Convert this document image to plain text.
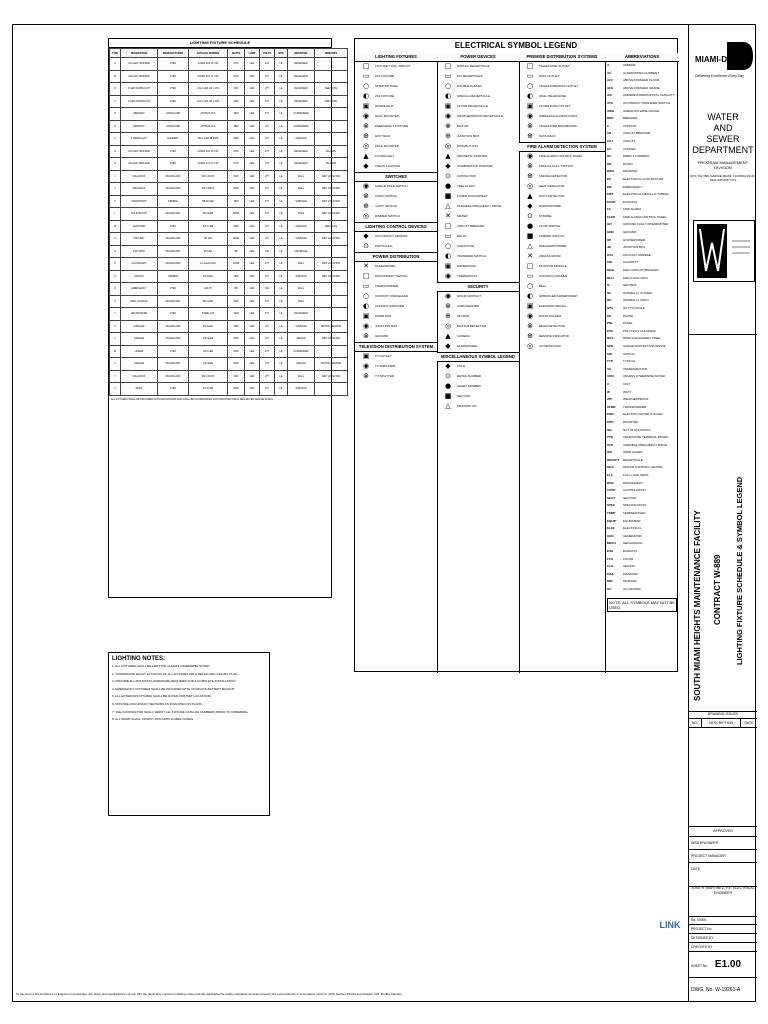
LIGHTING FIXTURE SCHEDULE
TYPE	DESCRIPTION	MANUFACTURER	CATALOG NUMBER	WATTS	LAMP	VOLTS	MTG	MOUNTING	REMARKS
A	2X4 LED TROFFER	ZTEK	XZ2ML 2X4 LT-V15	37W	LED	120	LE	RECESSED	
A1	2X4 LED TROFFER	ZTEK	XZ2ML 2X4 LT-V15	37W	LED	277	LE	RECESSED	
B	4' LED DOWNLIGHT	ZTEK	LX2-1 403 LM 1 V15	30W	LED	277	LE	RECESSED	SEE NOTE
C	4' LED DOWNLIGHT	ZTEK	LX2-1 403 LM 1 V15	30W	LED	277	LE	RECESSED	SEE NOTE
D	PENDANT	LITEFIGURE	APHX2S 4CA	38W	LED	277	LE	SUSPENDED	
E	PENDANT	LITEFIGURE	APHX2S 4CA	38W	LED	277	LE	SUSPENDED	
F	4' WRAPLIGHT	ELEMENT	WX 1 LED 48 4000	40W	LED	277	LE	SURFACE	
G	2X4 LED TROFFER	ZTEK	XZ2ML 2X4 LT-V15	37W	LED	277	LE	RECESSED	ISLANDS
H	2X4 LED TROFFER	ZTEK	XZ2ML 2X4 LT-V15	37W	LED	277	LE	RECESSED	ISLANDS
I	WALLPACK	MCFARLAND	WP 4 PACK	54W	LED	277	LE	WALL	WET LOCATION
J	WALLPACK	MCFARLAND	WP 4 PACK	54W	LED	277	LE	WALL	WET LOCATION
K	VAPORTIGHT	KEMBLE	KB 48 LED	48W	LED	277	LE	SURFACE	WET LOCATION
L	POLE MOUNT	MCFARLAND	PM 4LED	180W	LED	277	LE	POLE	WET LOCATION
M	LED STRIP	ZTEK	ST 4 LED	40W	LED	277	LE	SURFACE	SEE NOTE
N	HIGH BAY	MCFARLAND	HB 24K	160W	LED	277	LE	SURFACE	WET LOCATION
O	EXIT SIGN	MCFARLAND	EX LED	3W	LED	120	LE	UNIVERSAL	
P	FLOODLIGHT	MCFARLAND	FL 4LED 2000	120W	LED	277	LE	WALL	WET LOCATION
Q	CANOPY	KEMBLE	CP 4LED	45W	LED	277	LE	SURFACE	WET LOCATION
R	EMERGENCY	ZTEK	EM 2H	3W	LED	120	LE	WALL	
S	WALL SCONCE	MCFARLAND	WS 2LED	22W	LED	277	LE	WALL	
T	LED TROFFER	ZTEK	XZ2ML 2X2	30W	LED	277	LE	RECESSED	
U	SURFACE	MCFARLAND	SF 4LED	45W	LED	277	LE	SURFACE	MOTION SENSOR
V	GARAGE	MCFARLAND	GR 4LED	60W	LED	277	LE	CEILING	WET LOCATION
W	LINEAR	ZTEK	LN 8 LED	80W	LED	277	LE	SUSPENDED	
X	GARAGE	MCFARLAND	GR 4LED	60W	LED	277	LE	CEILING	MOTION SENSOR
Y	WALLPACK	MCFARLAND	WP 2 PACK	30W	LED	277	LE	WALL	WET LOCATION
Z	STRIP	ZTEK	ST 8 LED	60W	LED	277	LE	SURFACE	
ALL FIXTURES SHALL BE PROVIDED WITH LED DRIVERS AND SHALL BE COORDINATED WITH ARCHITECTURAL REFLECTED CEILING PLANS.
LIGHTING NOTES:

1. ALL FIXTURES SHALL BE LED TYPE UNLESS OTHERWISE NOTED.

2. COORDINATE EXACT LOCATION OF ALL FIXTURES WITH REFLECTED CEILING PLAN.

3. PROVIDE ALL MOUNTING HARDWARE REQUIRED FOR A COMPLETE INSTALLATION.

4. EMERGENCY FIXTURES SHALL BE PROVIDED WITH 90 MINUTE BATTERY BACKUP.

5. ALL EXTERIOR FIXTURES SHALL BE RATED FOR WET LOCATIONS.

6. PROVIDE OCCUPANCY SENSORS AS INDICATED ON PLANS.

7. THE CONTRACTOR SHALL VERIFY ALL FIXTURE CATALOG NUMBERS PRIOR TO ORDERING.

8. ALL WORK SHALL COMPLY WITH APPLICABLE CODES.

ELECTRICAL SYMBOL LEGEND
LIGHTING FIXTURES
□	FIXTURE TYPE, CIRCUIT
▭	2X4 FIXTURE
○	STRIP FIXTURE
◐	2X2 FIXTURE
▣	DOWNLIGHT
◉	WALL MOUNTED
⊗	EMERGENCY FIXTURE
⊕	EXIT SIGN
◎	POLE MOUNTED
▲	FLOODLIGHT
◆	TRACK LIGHTING
SWITCHES
◉	SINGLE POLE SWITCH
⊗	3-WAY SWITCH
⊕	4-WAY SWITCH
◎	DIMMER SWITCH
LIGHTING CONTROL DEVICES
◆	OCCUPANCY SENSOR
⊙	PHOTOCELL
POWER DISTRIBUTION
✕	PANELBOARD
□	DISCONNECT SWITCH
▭	TRANSFORMER
○	CONDUIT CONCEALED
◐	CONDUIT EXPOSED
▣	HOME RUN
◉	JUNCTION BOX
⊗	GROUND
TELEVISION DISTRIBUTION SYSTEM
▣	TV OUTLET
◉	TV AMPLIFIER
⊗	TV SPLITTER
POWER DEVICES
□	DUPLEX RECEPTACLE
▭	GFI RECEPTACLE
○	DOUBLE DUPLEX
◐	SPECIAL RECEPTACLE
▣	FLOOR RECEPTACLE
◉	WEATHERPROOF RECEPTACLE
⊗	MOTOR
⊕	JUNCTION BOX
◎	PUSHBUTTON
▲	MAGNETIC STARTER
◆	COMBINATION STARTER
⊙	CONTACTOR
●	TIME CLOCK
■	FUSED DISCONNECT
△	VARIABLE FREQUENCY DRIVE
✕	METER
□	CIRCUIT BREAKER
▭	RELAY
○	CAPACITOR
◐	TRANSFER SWITCH
▣	GENERATOR
◉	THERMOSTAT
SECURITY
◉	DOOR CONTACT
⊗	CARD READER
⊕	KEYPAD
◎	MOTION DETECTOR
▲	CAMERA
◆	ALARM PANEL
MISCELLANEOUS SYMBOL LEGEND
◆	TITLE
⊙	DETAIL NUMBER
●	SHEET NUMBER
■	SECTION
△	DRAWING NO.
PREMISE DISTRIBUTION SYSTEMS
□	TELEPHONE OUTLET
▭	DATA OUTLET
○	TELEPHONE/DATA OUTLET
◐	WALL TELEPHONE
▣	FLOOR DATA OUTLET
◉	WIRELESS ACCESS POINT
⊗	TELEPHONE BACKBOARD
⊕	DATA RACK
FIRE ALARM DETECTION SYSTEM
◉	FIRE ALARM CONTROL PANEL
⊗	MANUAL PULL STATION
⊕	SMOKE DETECTOR
◎	HEAT DETECTOR
▲	DUCT DETECTOR
◆	HORN/STROBE
⊙	STROBE
●	FLOW SWITCH
■	TAMPER SWITCH
△	SPEAKER/STROBE
✕	ANNUNCIATOR
□	MONITOR MODULE
▭	CONTROL MODULE
○	BELL
◐	SPRINKLER SUPERVISORY
▣	ELEVATOR RECALL
◉	DOOR HOLDER
⊗	BEAM DETECTOR
⊕	REMOTE INDICATOR
◎	CO DETECTOR
ABBREVIATIONS
A	AMPERE
AC	ALTERNATING CURRENT
AFF	ABOVE FINISHED FLOOR
AFG	ABOVE FINISHED GRADE
AIC	AMPERE INTERRUPTING CAPACITY
ATS	AUTOMATIC TRANSFER SWITCH
AWG	AMERICAN WIRE GAUGE
BKR	BREAKER
C	CONDUIT
CB	CIRCUIT BREAKER
CKT	CIRCUIT
CU	COPPER
DC	DIRECT CURRENT
DN	DOWN
DWG	DRAWING
EC	ELECTRICAL CONTRACTOR
EM	EMERGENCY
EMT	ELECTRICAL METALLIC TUBING
EXIST	EXISTING
FA	FIRE ALARM
FACP	FIRE ALARM CONTROL PANEL
GFI	GROUND FAULT INTERRUPTER
GND	GROUND
HP	HORSEPOWER
JB	JUNCTION BOX
KVA	KILOVOLT AMPERE
KW	KILOWATT
MCB	MAIN CIRCUIT BREAKER
MLO	MAIN LUGS ONLY
N	NEUTRAL
NC	NORMALLY CLOSED
NO	NORMALLY OPEN
NTS	NOT TO SCALE
PH	PHASE
PNL	PANEL
PVC	POLYVINYL CHLORIDE
RGS	RIGID GALVANIZED STEEL
SPD	SURGE PROTECTIVE DEVICE
SW	SWITCH
TYP	TYPICAL
UG	UNDERGROUND
UON	UNLESS OTHERWISE NOTED
V	VOLT
W	WATT
WP	WEATHERPROOF
XFMR	TRANSFORMER
EWC	ELECTRIC WATER COOLER
MTD	MOUNTED
NIC	NOT IN CONTRACT
TTB	TELEPHONE TERMINAL BOARD
VFD	VARIABLE FREQUENCY DRIVE
WG	WIRE GUARD
RECEPT	RECEPTACLE
MCC	MOTOR CONTROL CENTER
FLA	FULL LOAD AMPS
DISC	DISCONNECT
CONT	CONTINUATION
SECT	SECTION
SPEC	SPECIFICATION
TEMP	TEMPERATURE
EQUIP	EQUIPMENT
ELEC	ELECTRICAL
GEN	GENERATOR
MECH	MECHANICAL
EXH	EXHAUST
FLR	FLOOR
CLG	CEILING
MAX	MAXIMUM
MIN	MINIMUM
OC	ON CENTER
NOTE: ALL SYMBOLS MAY NOT BE USED.
MIAMI-DADE
Delivering Excellence Every Day
WATER
AND
SEWER
DEPARTMENT
PROGRAM MANAGEMENT DIVISION
3071 SW 38th AVENUE MIAMI, FLORIDA 33146-1520 305-665-7471
SOUTH MIAMI HEIGHTS MAINTENANCE FACILITY CONTRACT W-889 LIGHTING FIXTURE SCHEDULE & SYMBOL LEGEND
DRAWING ISSUES
NO.	DESCRIPTION	DATE
APPROVED
WSD ENGINEER
PROJECT MANAGER
DATE
JOSE R. MARTINEZ, P.E. ELECTRICAL ENGINEER
No. 00000
PROJECT No.
DESIGNED BY
CHECKED BY
SHEET No. E1.00
DWG. No. W-19261-A
LINK
To the best of the Architect's or Engineer's knowledge, the plans and specifications comply with the applicable minimum building codes and the applicable fire-safety standards as determined by the local authority in accordance with F.S. 2010 Section 553.64 and Chapter 633, Florida Statutes.
